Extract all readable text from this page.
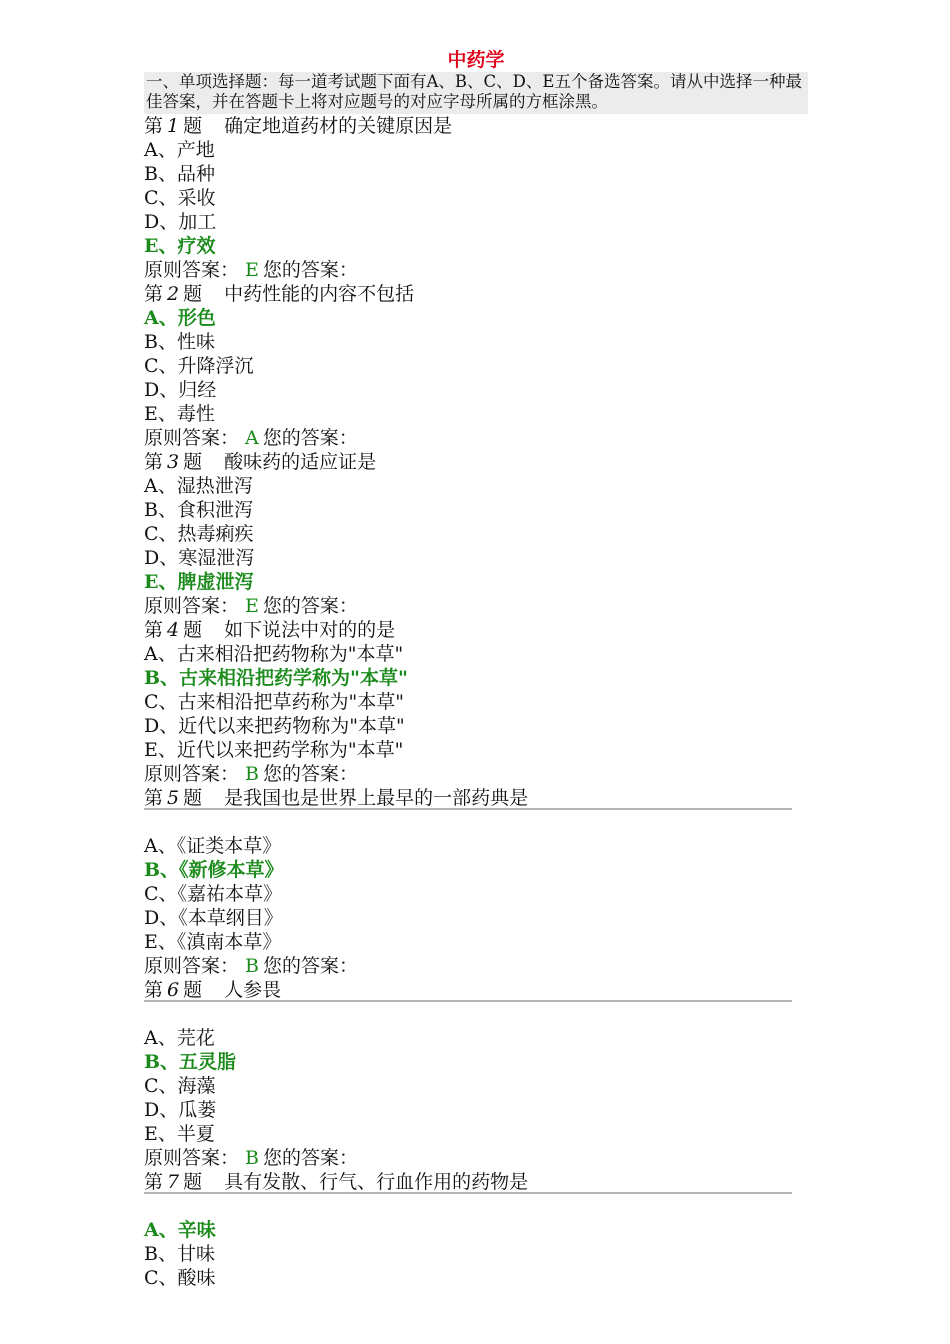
中药学
一、单项选择题：每一道考试题下面有A、B、C、D、E五个备选答案。请从中选择一种最佳答案，并在答题卡上将对应题号的对应字母所属的方框涂黑。
第 1 题 确定地道药材的关键原因是
A、产地
B、品种
C、采收
D、加工
E、疗效
原则答案： E 您的答案：
第 2 题 中药性能的内容不包括
A、形色
B、性味
C、升降浮沉
D、归经
E、毒性
原则答案： A 您的答案：
第 3 题 酸味药的适应证是
A、湿热泄泻
B、食积泄泻
C、热毒痢疾
D、寒湿泄泻
E、脾虚泄泻
原则答案： E 您的答案：
第 4 题 如下说法中对的的是
A、古来相沿把药物称为"本草"
B、古来相沿把药学称为"本草"
C、古来相沿把草药称为"本草"
D、近代以来把药物称为"本草"
E、近代以来把药学称为"本草"
原则答案： B 您的答案：
第 5 题 是我国也是世界上最早的一部药典是
A、《证类本草》
B、《新修本草》
C、《嘉祐本草》
D、《本草纲目》
E、《滇南本草》
原则答案： B 您的答案：
第 6 题 人参畏
A、芫花
B、五灵脂
C、海藻
D、瓜蒌
E、半夏
原则答案： B 您的答案：
第 7 题 具有发散、行气、行血作用的药物是
A、辛味
B、甘味
C、酸味
